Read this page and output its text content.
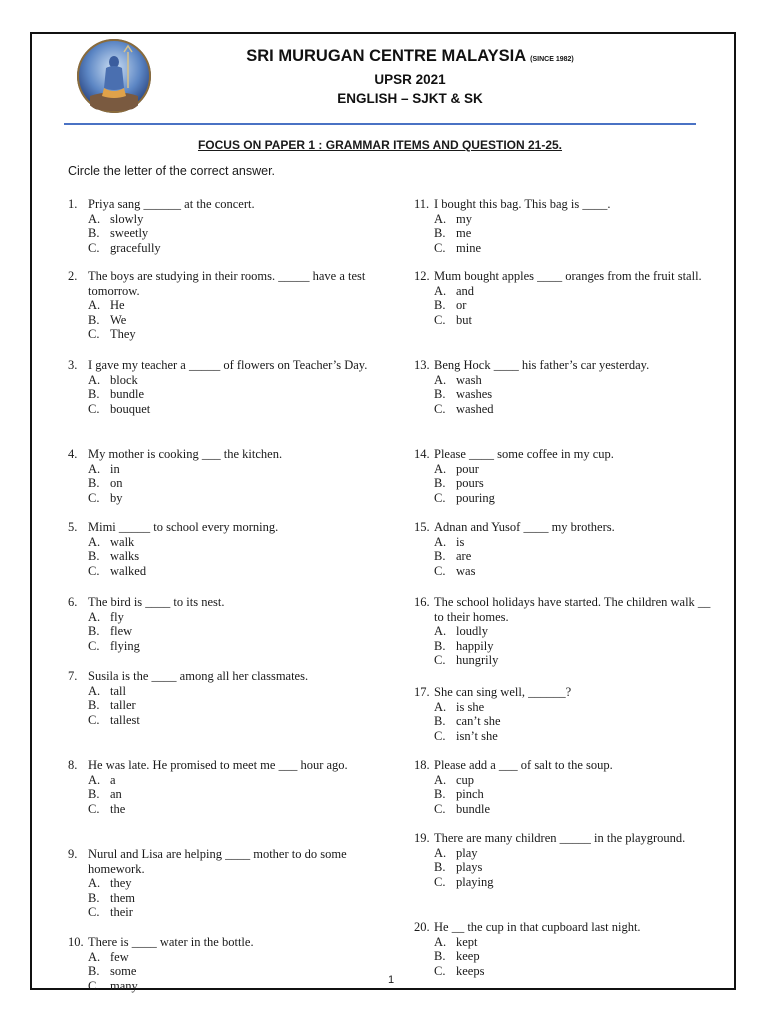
SRI MURUGAN CENTRE MALAYSIA (SINCE 1982)
UPSR 2021
ENGLISH – SJKT & SK
FOCUS ON PAPER 1 : GRAMMAR ITEMS AND QUESTION 21-25.
Circle the letter of the correct answer.
1. Priya sang ______ at the concert.
A. slowly
B. sweetly
C. gracefully
2. The boys are studying in their rooms. _____ have a test tomorrow.
A. He
B. We
C. They
3. I gave my teacher a _____ of flowers on Teacher’s Day.
A. block
B. bundle
C. bouquet
4. My mother is cooking ___ the kitchen.
A. in
B. on
C. by
5. Mimi _____ to school every morning.
A. walk
B. walks
C. walked
6. The bird is ____ to its nest.
A. fly
B. flew
C. flying
7. Susila is the ____ among all her classmates.
A. tall
B. taller
C. tallest
8. He was late. He promised to meet me ___ hour ago.
A. a
B. an
C. the
9. Nurul and Lisa are helping ____ mother to do some homework.
A. they
B. them
C. their
10. There is ____ water in the bottle.
A. few
B. some
C. many
11. I bought this bag. This bag is ____.
A. my
B. me
C. mine
12. Mum bought apples ____ oranges from the fruit stall.
A. and
B. or
C. but
13. Beng Hock ____ his father’s car yesterday.
A. wash
B. washes
C. washed
14. Please ____ some coffee in my cup.
A. pour
B. pours
C. pouring
15. Adnan and Yusof ____ my brothers.
A. is
B. are
C. was
16. The school holidays have started. The children walk __ to their homes.
A. loudly
B. happily
C. hungrily
17. She can sing well, ______?
A. is she
B. can’t she
C. isn’t she
18. Please add a ___ of salt to the soup.
A. cup
B. pinch
C. bundle
19. There are many children _____ in the playground.
A. play
B. plays
C. playing
20. He __ the cup in that cupboard last night.
A. kept
B. keep
C. keeps
1
